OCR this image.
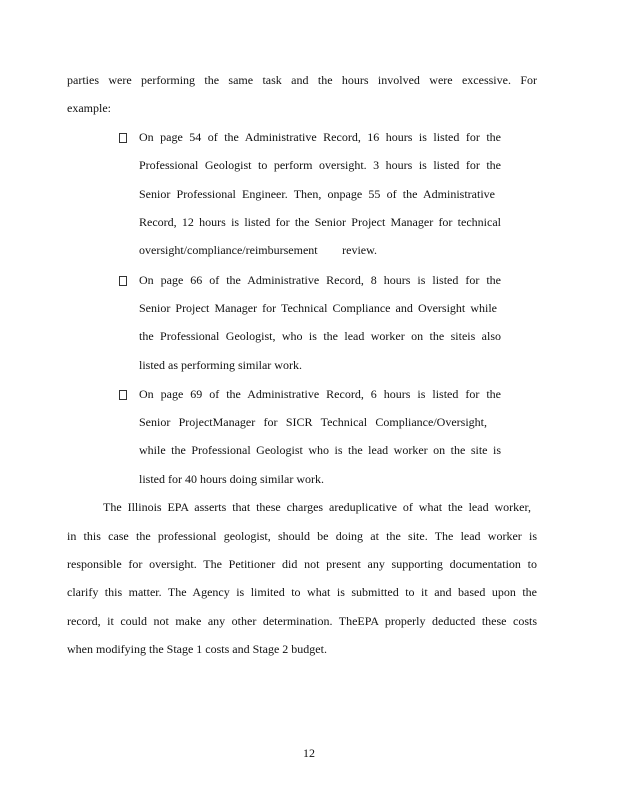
parties were performing the same task and the hours involved were excessive. For
example:
On page 54 of the Administrative Record, 16 hours is listed for the
Professional Geologist to perform oversight. 3 hours is listed for the
Senior Professional Engineer. Then, onpage 55 of the Administrative
Record, 12 hours is listed for the Senior Project Manager for technical
oversight/compliance/reimbursement review.
On page 66 of the Administrative Record, 8 hours is listed for the
Senior Project Manager for Technical Compliance and Oversight while
the Professional Geologist, who is the lead worker on the siteis also
listed as performing similar work.
On page 69 of the Administrative Record, 6 hours is listed for the
Senior ProjectManager for SICR Technical Compliance/Oversight,
while the Professional Geologist who is the lead worker on the site is
listed for 40 hours doing similar work.
The Illinois EPA asserts that these charges areduplicative of what the lead worker,
in this case the professional geologist, should be doing at the site. The lead worker is
responsible for oversight. The Petitioner did not present any supporting documentation to
clarify this matter. The Agency is limited to what is submitted to it and based upon the
record, it could not make any other determination. TheEPA properly deducted these costs
when modifying the Stage 1 costs and Stage 2 budget.
12
